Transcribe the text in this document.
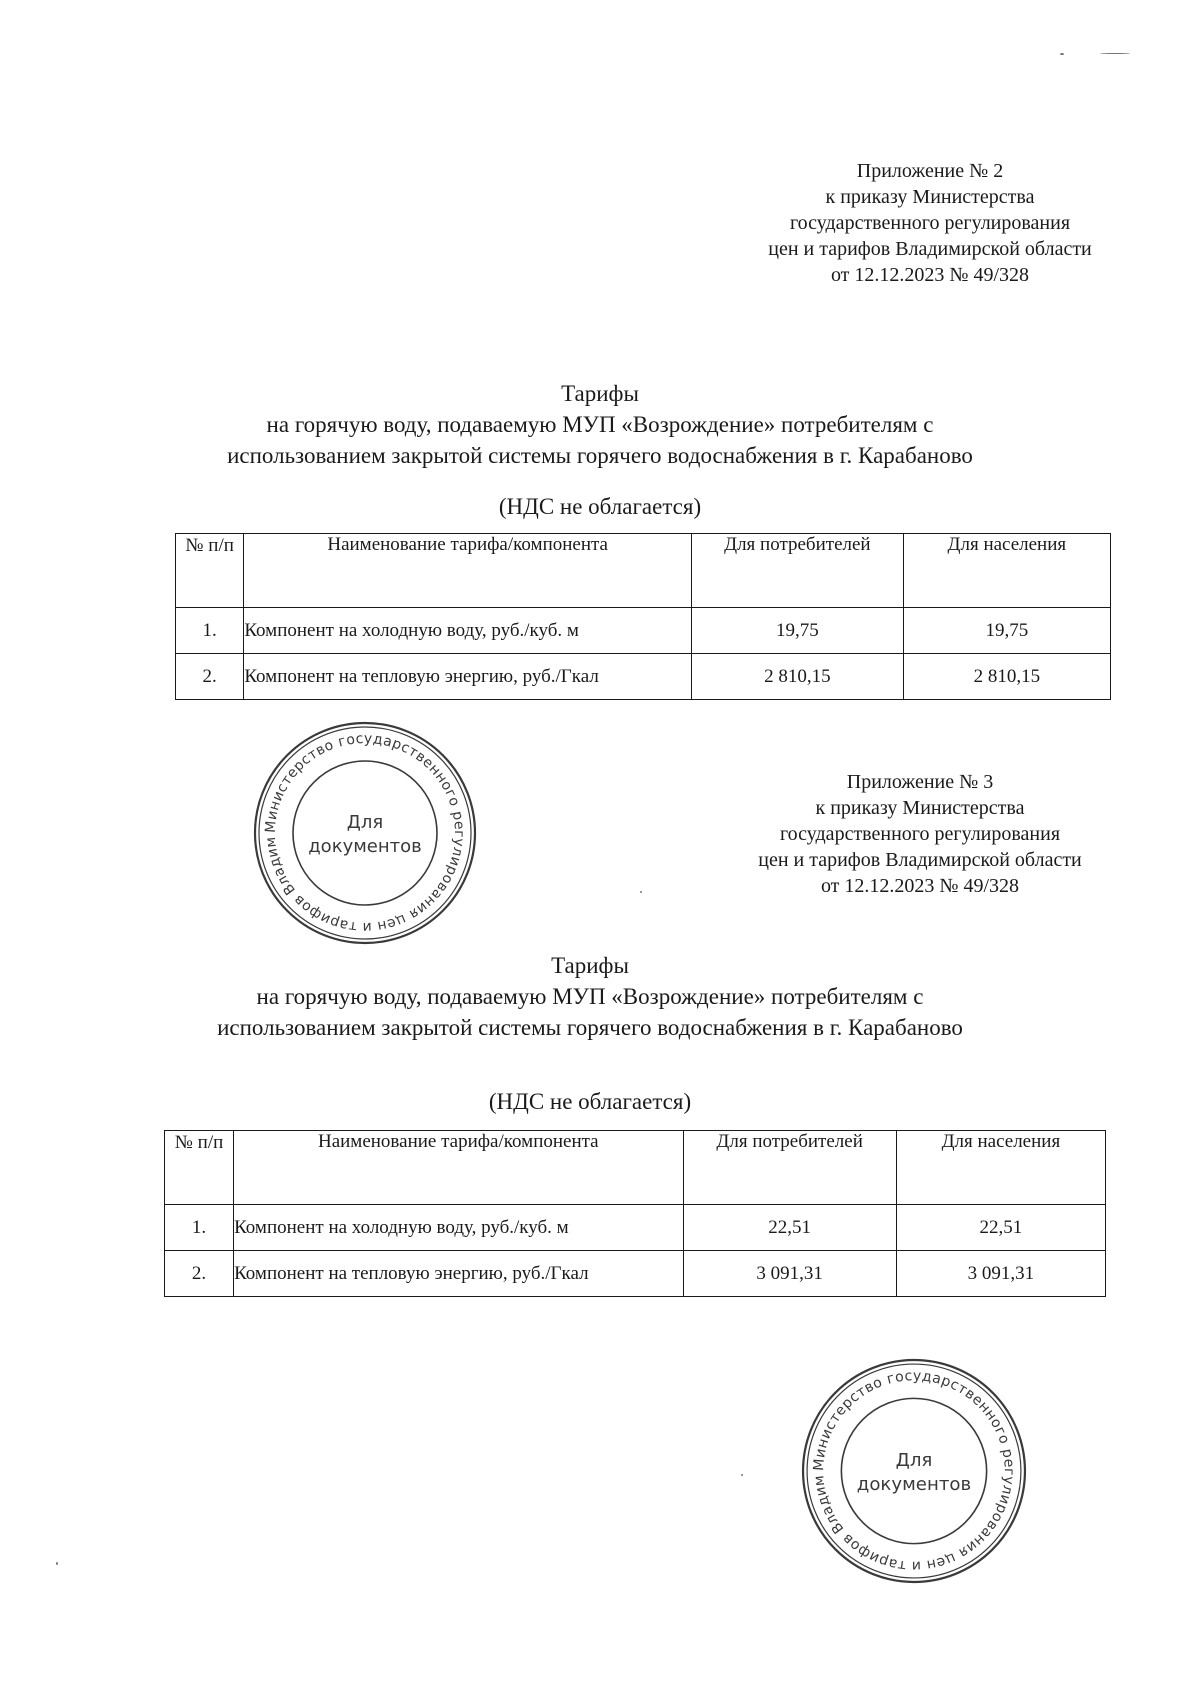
Приложение № 2
к приказу Министерства
государственного регулирования
цен и тарифов Владимирской области
от 12.12.2023 № 49/328
Тарифы
на горячую воду, подаваемую МУП «Возрождение» потребителям с
использованием закрытой системы горячего водоснабжения в г. Карабаново
(НДС не облагается)
№ п/п	Наименование тарифа/компонента	Для потребителей	Для населения
1.	Компонент на холодную воду, руб./куб. м	19,75	19,75
2.	Компонент на тепловую энергию, руб./Гкал	2 810,15	2 810,15
Министерство государственного регулирования цен и тарифов Владим
Для
документов
Приложение № 3
к приказу Министерства
государственного регулирования
цен и тарифов Владимирской области
от 12.12.2023 № 49/328
Тарифы
на горячую воду, подаваемую МУП «Возрождение» потребителям с
использованием закрытой системы горячего водоснабжения в г. Карабаново
(НДС не облагается)
№ п/п	Наименование тарифа/компонента	Для потребителей	Для населения
1.	Компонент на холодную воду, руб./куб. м	22,51	22,51
2.	Компонент на тепловую энергию, руб./Гкал	3 091,31	3 091,31
Министерство государственного регулирования цен и тарифов Владим
Для
документов
